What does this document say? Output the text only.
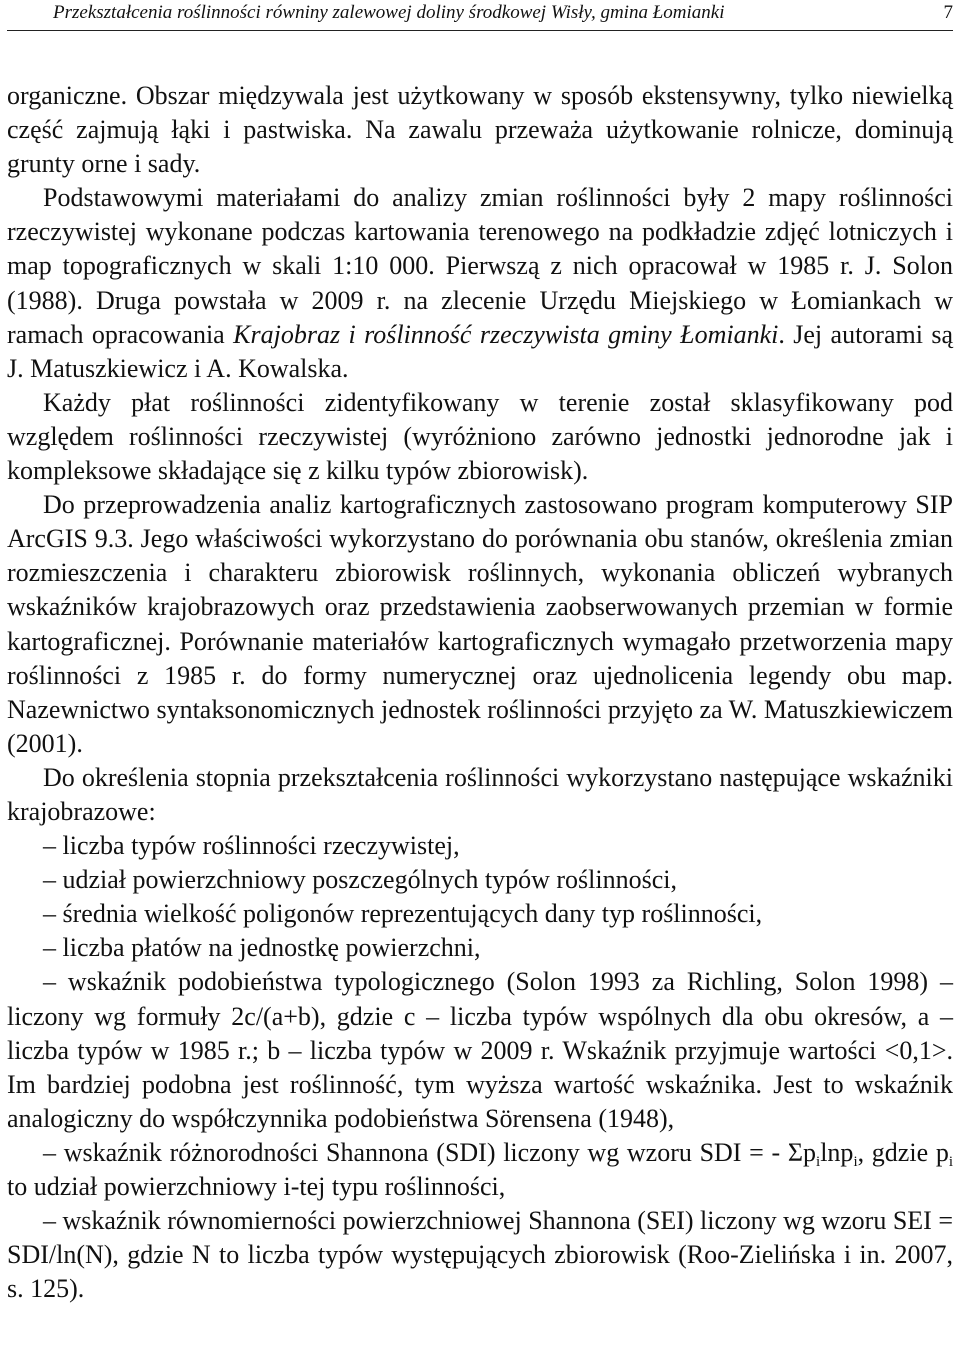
Przekształcenia roślinności równiny zalewowej doliny środkowej Wisły, gmina Łomianki	7

organiczne. Obszar międzywala jest użytkowany w sposób ekstensywny, tylko niewielką część zajmują łąki i pastwiska. Na zawalu przeważa użytkowanie rolnicze, dominują grunty orne i sady.

Podstawowymi materiałami do analizy zmian roślinności były 2 mapy roślinności rzeczywistej wykonane podczas kartowania terenowego na podkładzie zdjęć lotniczych i map topograficznych w skali 1:10 000. Pierwszą z nich opracował w 1985 r. J. Solon (1988). Druga powstała w 2009 r. na zlecenie Urzędu Miejskiego w Łomiankach w ramach opracowania Krajobraz i roślinność rzeczywista gminy Łomianki. Jej autorami są J. Matuszkiewicz i A. Kowalska.

Każdy płat roślinności zidentyfikowany w terenie został sklasyfikowany pod względem roślinności rzeczywistej (wyróżniono zarówno jednostki jednorodne jak i kompleksowe składające się z kilku typów zbiorowisk).

Do przeprowadzenia analiz kartograficznych zastosowano program komputerowy SIP ArcGIS 9.3. Jego właściwości wykorzystano do porównania obu stanów, określenia zmian rozmieszczenia i charakteru zbiorowisk roślinnych, wykonania obliczeń wybranych wskaźników krajobrazowych oraz przedstawienia zaobserwowanych przemian w formie kartograficznej. Porównanie materiałów kartograficznych wymagało przetworzenia mapy roślinności z 1985 r. do formy numerycznej oraz ujednolicenia legendy obu map. Nazewnictwo syntaksonomicznych jednostek roślinności przyjęto za W. Matuszkiewiczem (2001).

Do określenia stopnia przekształcenia roślinności wykorzystano następujące wskaźniki krajobrazowe:

– liczba typów roślinności rzeczywistej,

– udział powierzchniowy poszczególnych typów roślinności,

– średnia wielkość poligonów reprezentujących dany typ roślinności,

– liczba płatów na jednostkę powierzchni,

– wskaźnik podobieństwa typologicznego (Solon 1993 za Richling, Solon 1998) – liczony wg formuły 2c/(a+b), gdzie c – liczba typów wspólnych dla obu okresów, a – liczba typów w 1985 r.; b – liczba typów w 2009 r. Wskaźnik przyjmuje wartości <0,1>. Im bardziej podobna jest roślinność, tym wyższa wartość wskaźnika. Jest to wskaźnik analogiczny do współczynnika podobieństwa Sörensena (1948),

– wskaźnik różnorodności Shannona (SDI) liczony wg wzoru SDI = - $\Sigma p_i\ln p_i$, gdzie $p_i$ to udział powierzchniowy i-tej typu roślinności,

– wskaźnik równomierności powierzchniowej Shannona (SEI) liczony wg wzoru SEI = SDI/ln(N), gdzie N to liczba typów występujących zbiorowisk (Roo-Zielińska i in. 2007, s. 125).
